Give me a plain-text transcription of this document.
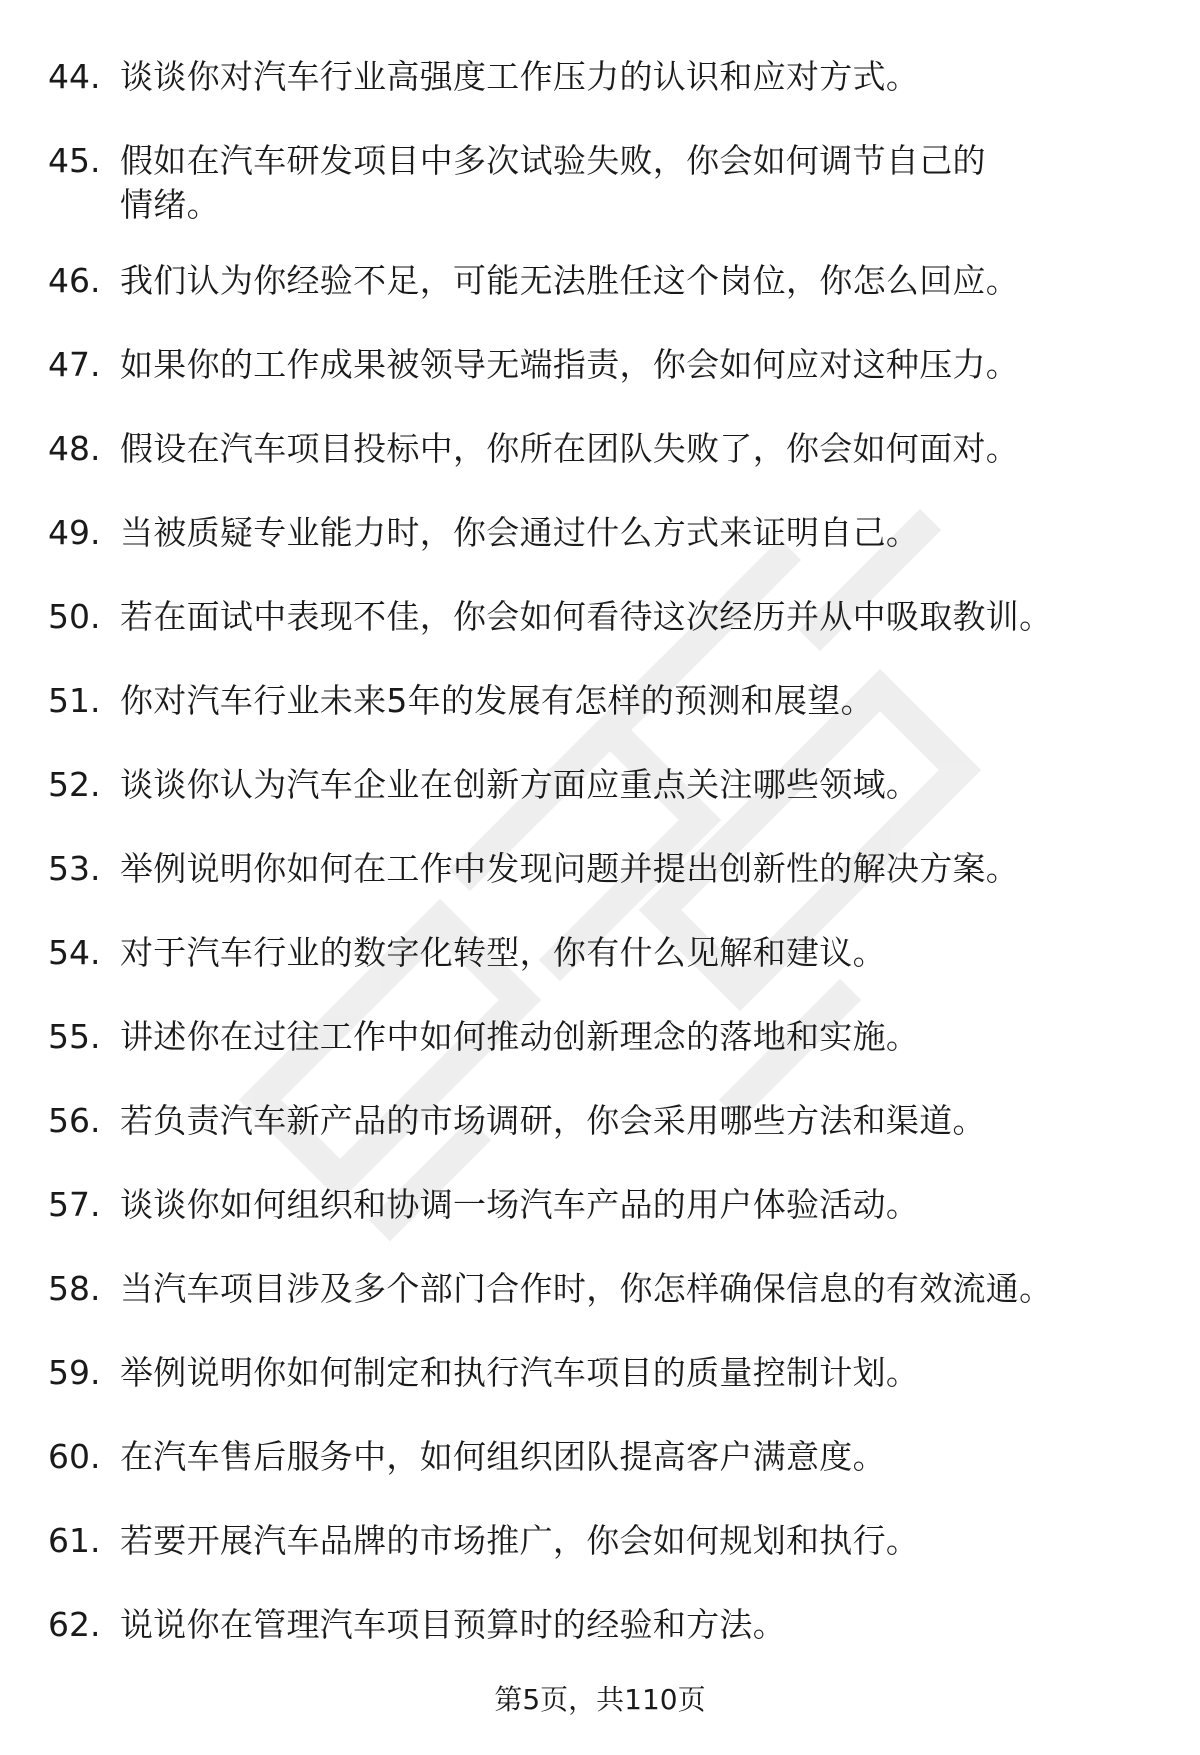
44. 谈谈你对汽车行业高强度工作压力的认识和应对方式。
45. 假如在汽车研发项目中多次试验失败，你会如何调节自己的情绪。
46. 我们认为你经验不足，可能无法胜任这个岗位，你怎么回应。
47. 如果你的工作成果被领导无端指责，你会如何应对这种压力。
48. 假设在汽车项目投标中，你所在团队失败了，你会如何面对。
49. 当被质疑专业能力时，你会通过什么方式来证明自己。
50. 若在面试中表现不佳，你会如何看待这次经历并从中吸取教训。
51. 你对汽车行业未来5年的发展有怎样的预测和展望。
52. 谈谈你认为汽车企业在创新方面应重点关注哪些领域。
53. 举例说明你如何在工作中发现问题并提出创新性的解决方案。
54. 对于汽车行业的数字化转型，你有什么见解和建议。
55. 讲述你在过往工作中如何推动创新理念的落地和实施。
56. 若负责汽车新产品的市场调研，你会采用哪些方法和渠道。
57. 谈谈你如何组织和协调一场汽车产品的用户体验活动。
58. 当汽车项目涉及多个部门合作时，你怎样确保信息的有效流通。
59. 举例说明你如何制定和执行汽车项目的质量控制计划。
60. 在汽车售后服务中，如何组织团队提高客户满意度。
61. 若要开展汽车品牌的市场推广，你会如何规划和执行。
62. 说说你在管理汽车项目预算时的经验和方法。
第5页，共110页
